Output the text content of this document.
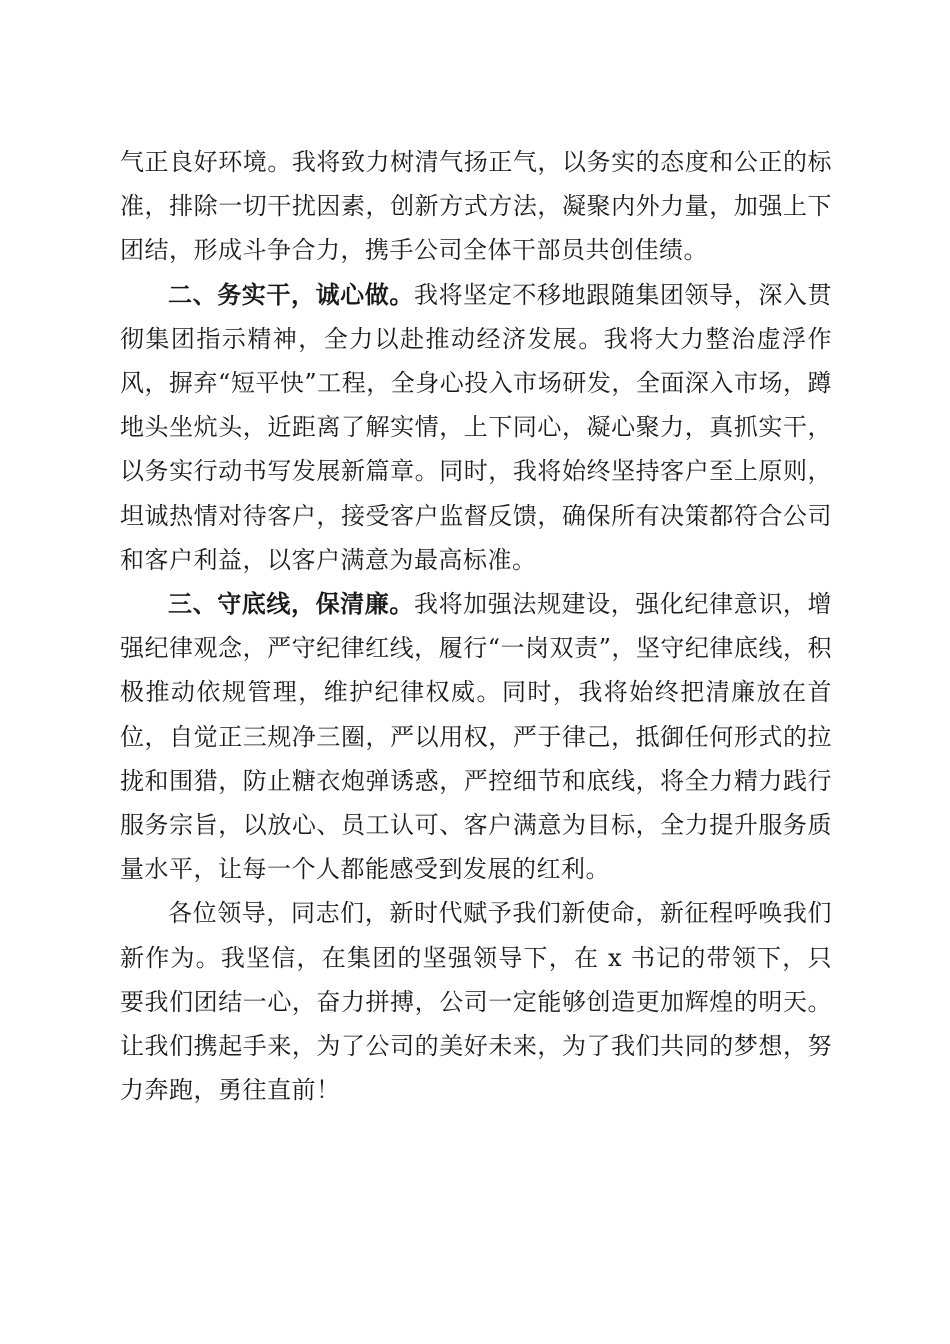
气正良好环境。我将致力树清气扬正气，以务实的态度和公正的标准，排除一切干扰因素，创新方式方法，凝聚内外力量，加强上下团结，形成斗争合力，携手公司全体干部员共创佳绩。

二、务实干，诚心做。我将坚定不移地跟随集团领导，深入贯彻集团指示精神，全力以赴推动经济发展。我将大力整治虚浮作风，摒弃“短平快”工程，全身心投入市场研发，全面深入市场，蹲地头坐炕头，近距离了解实情，上下同心，凝心聚力，真抓实干，以务实行动书写发展新篇章。同时，我将始终坚持客户至上原则，坦诚热情对待客户，接受客户监督反馈，确保所有决策都符合公司和客户利益，以客户满意为最高标准。

三、守底线，保清廉。我将加强法规建设，强化纪律意识，增强纪律观念，严守纪律红线，履行“一岗双责”，坚守纪律底线，积极推动依规管理，维护纪律权威。同时，我将始终把清廉放在首位，自觉正三规净三圈，严以用权，严于律己，抵御任何形式的拉拢和围猎，防止糖衣炮弹诱惑，严控细节和底线，将全力精力践行服务宗旨，以放心、员工认可、客户满意为目标，全力提升服务质量水平，让每一个人都能感受到发展的红利。

各位领导，同志们，新时代赋予我们新使命，新征程呼唤我们新作为。我坚信，在集团的坚强领导下，在 x 书记的带领下，只要我们团结一心，奋力拼搏，公司一定能够创造更加辉煌的明天。让我们携起手来，为了公司的美好未来，为了我们共同的梦想，努力奔跑，勇往直前！
